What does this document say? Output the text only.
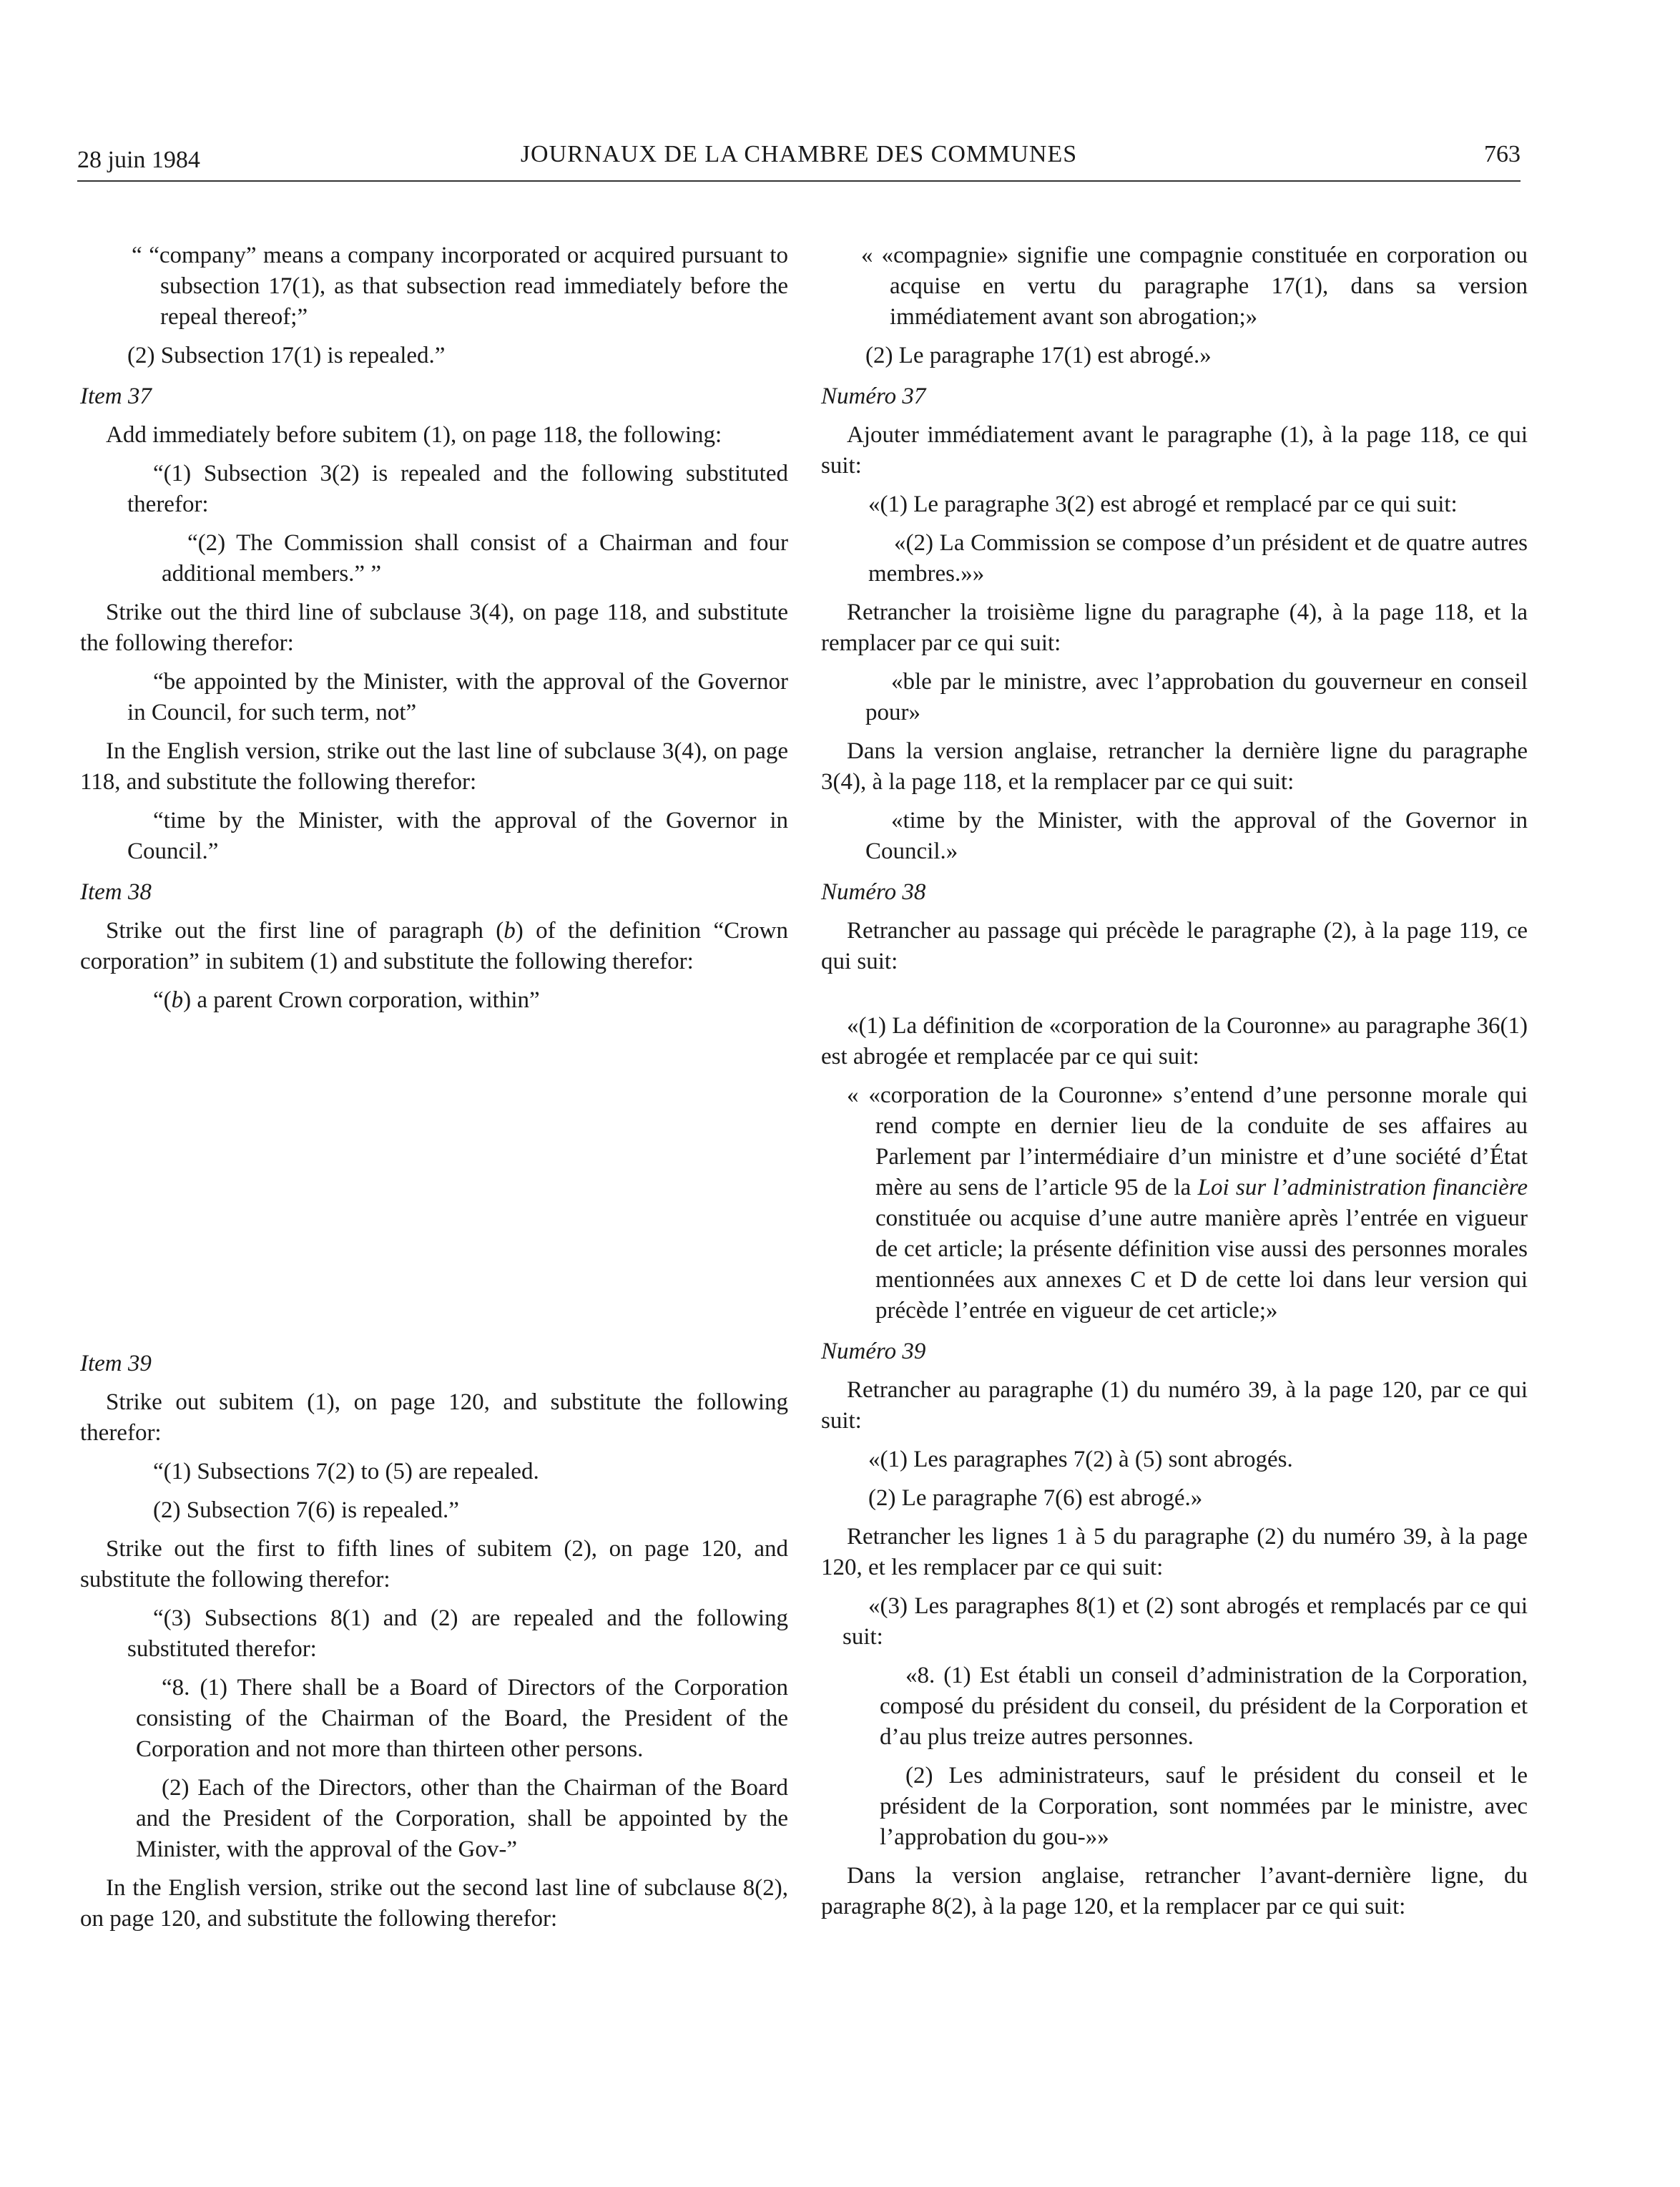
28 juin 1984	JOURNAUX DE LA CHAMBRE DES COMMUNES	763

“ “company” means a company incorporated or acquired pursuant to subsection 17(1), as that subsection read immediately before the repeal thereof;”

(2) Subsection 17(1) is repealed.”

Item 37

Add immediately before subitem (1), on page 118, the following:

“(1) Subsection 3(2) is repealed and the following substituted therefor:

“(2) The Commission shall consist of a Chairman and four additional members.” ”

Strike out the third line of subclause 3(4), on page 118, and substitute the following therefor:

“be appointed by the Minister, with the approval of the Governor in Council, for such term, not”

In the English version, strike out the last line of subclause 3(4), on page 118, and substitute the following therefor:

“time by the Minister, with the approval of the Governor in Council.”

Item 38

Strike out the first line of paragraph (b) of the definition “Crown corporation” in subitem (1) and substitute the following therefor:

“(b) a parent Crown corporation, within”

Item 39

Strike out subitem (1), on page 120, and substitute the following therefor:

“(1) Subsections 7(2) to (5) are repealed.

(2) Subsection 7(6) is repealed.”

Strike out the first to fifth lines of subitem (2), on page 120, and substitute the following therefor:

“(3) Subsections 8(1) and (2) are repealed and the following substituted therefor:

“8. (1) There shall be a Board of Directors of the Corporation consisting of the Chairman of the Board, the President of the Corporation and not more than thirteen other persons.

(2) Each of the Directors, other than the Chairman of the Board and the President of the Corporation, shall be appointed by the Minister, with the approval of the Gov-”

In the English version, strike out the second last line of subclause 8(2), on page 120, and substitute the following therefor:

« «compagnie» signifie une compagnie constituée en corporation ou acquise en vertu du paragraphe 17(1), dans sa version immédiatement avant son abrogation;»

(2) Le paragraphe 17(1) est abrogé.»

Numéro 37

Ajouter immédiatement avant le paragraphe (1), à la page 118, ce qui suit:

«(1) Le paragraphe 3(2) est abrogé et remplacé par ce qui suit:

«(2) La Commission se compose d’un président et de quatre autres membres.»»

Retrancher la troisième ligne du paragraphe (4), à la page 118, et la remplacer par ce qui suit:

«ble par le ministre, avec l’approbation du gouverneur en conseil pour»

Dans la version anglaise, retrancher la dernière ligne du paragraphe 3(4), à la page 118, et la remplacer par ce qui suit:

«time by the Minister, with the approval of the Governor in Council.»

Numéro 38

Retrancher au passage qui précède le paragraphe (2), à la page 119, ce qui suit:

«(1) La définition de «corporation de la Couronne» au paragraphe 36(1) est abrogée et remplacée par ce qui suit:

« «corporation de la Couronne» s’entend d’une personne morale qui rend compte en dernier lieu de la conduite de ses affaires au Parlement par l’intermédiaire d’un ministre et d’une société d’État mère au sens de l’article 95 de la Loi sur l’administration financière constituée ou acquise d’une autre manière après l’entrée en vigueur de cet article; la présente définition vise aussi des personnes morales mentionnées aux annexes C et D de cette loi dans leur version qui précède l’entrée en vigueur de cet article;»

Numéro 39

Retrancher au paragraphe (1) du numéro 39, à la page 120, par ce qui suit:

«(1) Les paragraphes 7(2) à (5) sont abrogés.

(2) Le paragraphe 7(6) est abrogé.»

Retrancher les lignes 1 à 5 du paragraphe (2) du numéro 39, à la page 120, et les remplacer par ce qui suit:

«(3) Les paragraphes 8(1) et (2) sont abrogés et remplacés par ce qui suit:

«8. (1) Est établi un conseil d’administration de la Corporation, composé du président du conseil, du président de la Corporation et d’au plus treize autres personnes.

(2) Les administrateurs, sauf le président du conseil et le président de la Corporation, sont nommées par le ministre, avec l’approbation du gou-»»

Dans la version anglaise, retrancher l’avant-dernière ligne, du paragraphe 8(2), à la page 120, et la remplacer par ce qui suit:
